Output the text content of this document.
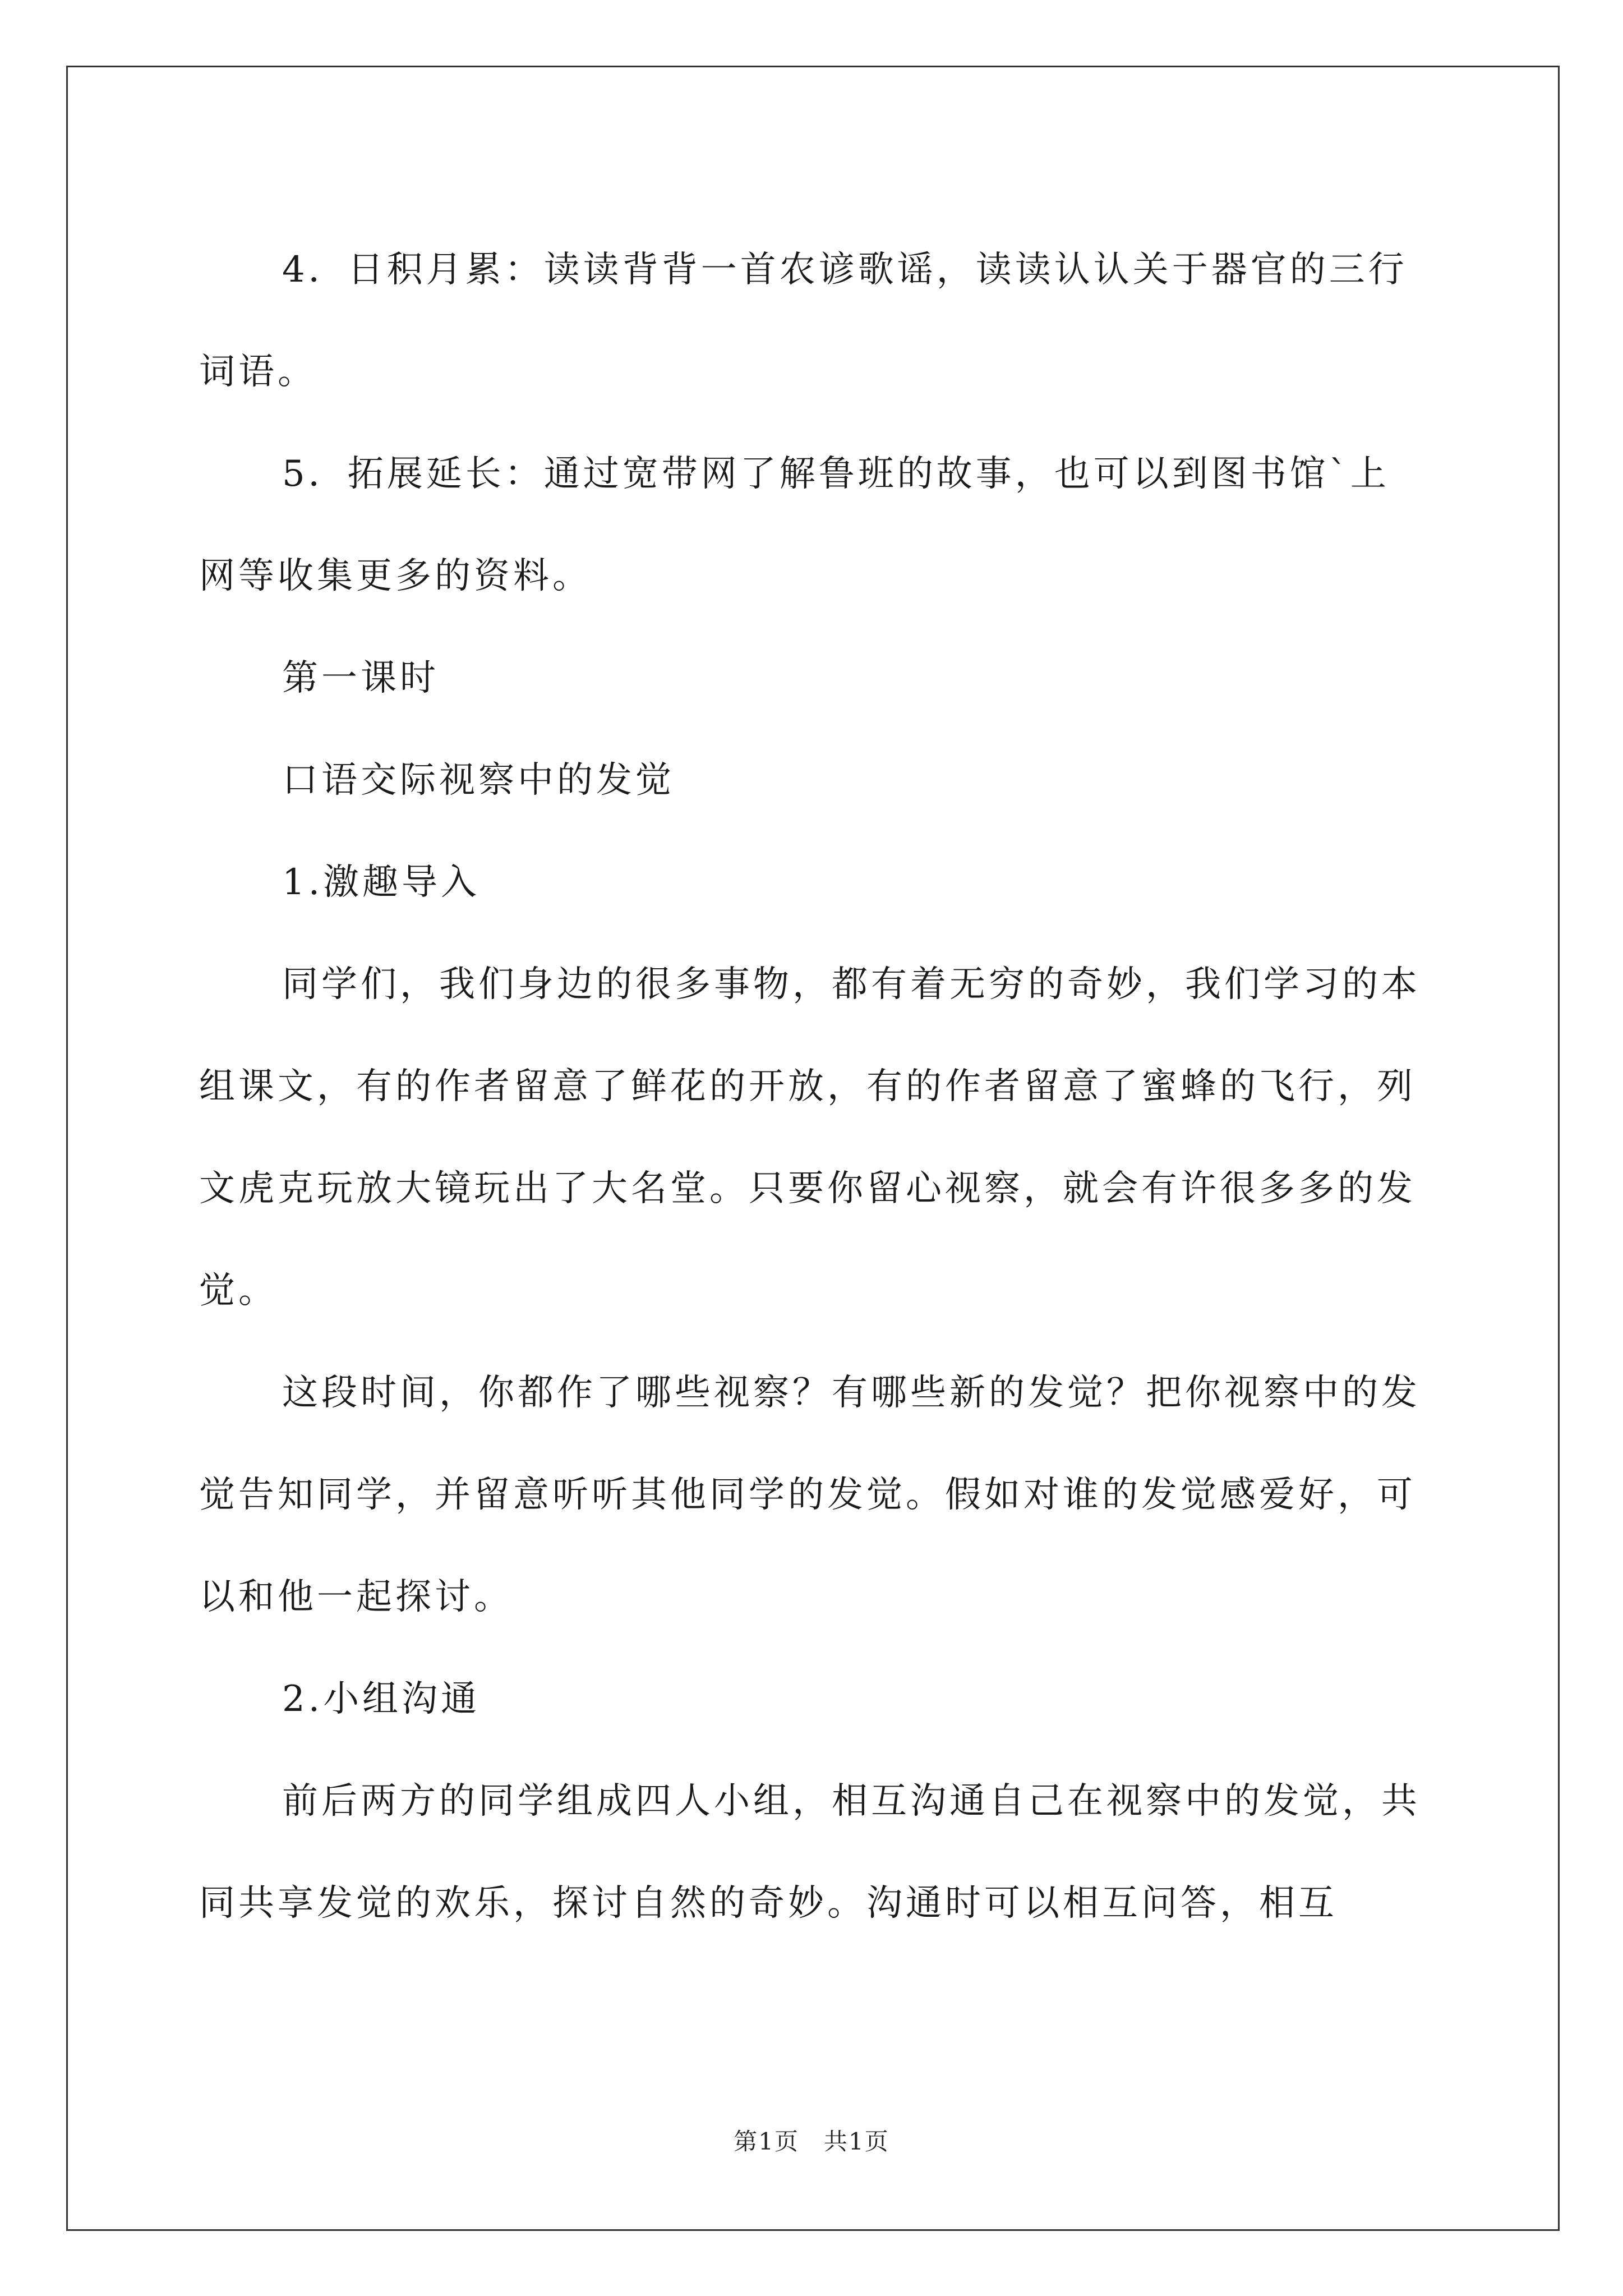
4．日积月累：读读背背一首农谚歌谣，读读认认关于器官的三行词语。

5．拓展延长：通过宽带网了解鲁班的故事，也可以到图书馆`上网等收集更多的资料。

第一课时

口语交际视察中的发觉

1.激趣导入

同学们，我们身边的很多事物，都有着无穷的奇妙，我们学习的本组课文，有的作者留意了鲜花的开放，有的作者留意了蜜蜂的飞行，列文虎克玩放大镜玩出了大名堂。只要你留心视察，就会有许很多多的发觉。

这段时间，你都作了哪些视察？有哪些新的发觉？把你视察中的发觉告知同学，并留意听听其他同学的发觉。假如对谁的发觉感爱好，可以和他一起探讨。

2.小组沟通

前后两方的同学组成四人小组，相互沟通自己在视察中的发觉，共同共享发觉的欢乐，探讨自然的奇妙。沟通时可以相互问答，相互

第1页　共1页
